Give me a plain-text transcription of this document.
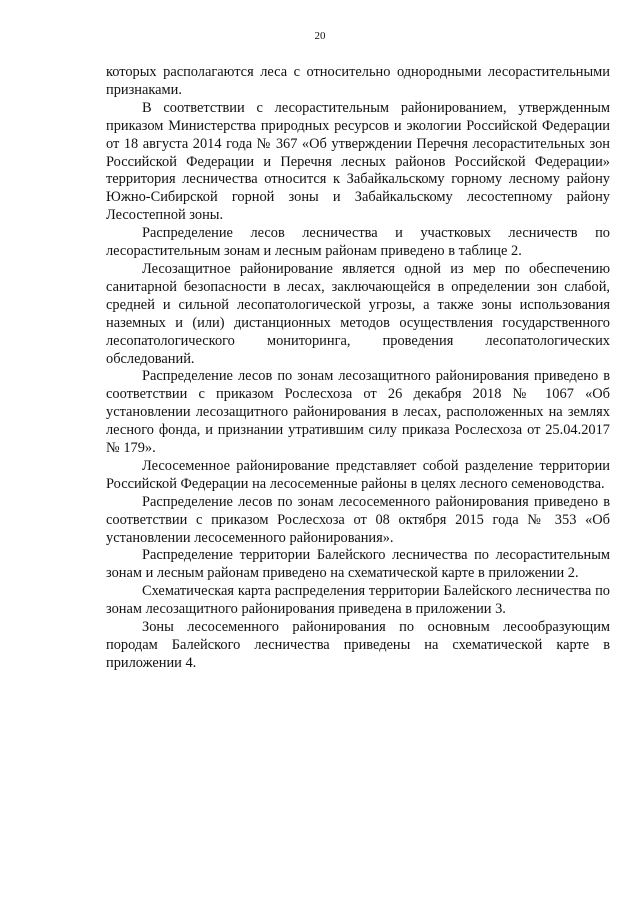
20

которых располагаются леса с относительно однородными лесорастительными признаками.

В соответствии с лесорастительным районированием, утвержденным приказом Министерства природных ресурсов и экологии Российской Федерации от 18 августа 2014 года № 367 «Об утверждении Перечня лесорастительных зон Российской Федерации и Перечня лесных районов Российской Федерации» территория лесничества относится к Забайкальскому горному лесному району Южно-Сибирской горной зоны и Забайкальскому лесостепному району Лесостепной зоны.

Распределение лесов лесничества и участковых лесничеств по лесорастительным зонам и лесным районам приведено в таблице 2.

Лесозащитное районирование является одной из мер по обеспечению санитарной безопасности в лесах, заключающейся в определении зон слабой, средней и сильной лесопатологической угрозы, а также зоны использования наземных и (или) дистанционных методов осуществления государственного лесопатологического мониторинга, проведения лесопатологических обследований.

Распределение лесов по зонам лесозащитного районирования приведено в соответствии с приказом Рослесхоза от 26 декабря 2018 № 1067 «Об установлении лесозащитного районирования в лесах, расположенных на землях лесного фонда, и признании утратившим силу приказа Рослесхоза от 25.04.2017 № 179».

Лесосеменное районирование представляет собой разделение территории Российской Федерации на лесосеменные районы в целях лесного семеноводства.

Распределение лесов по зонам лесосеменного районирования приведено в соответствии с приказом Рослесхоза от 08 октября 2015 года № 353 «Об установлении лесосеменного районирования».

Распределение территории Балейского лесничества по лесорастительным зонам и лесным районам приведено на схематической карте в приложении 2.

Схематическая карта распределения территории Балейского лесничества по зонам лесозащитного районирования приведена в приложении 3.

Зоны лесосеменного районирования по основным лесообразующим породам Балейского лесничества приведены на схематической карте в приложении 4.
